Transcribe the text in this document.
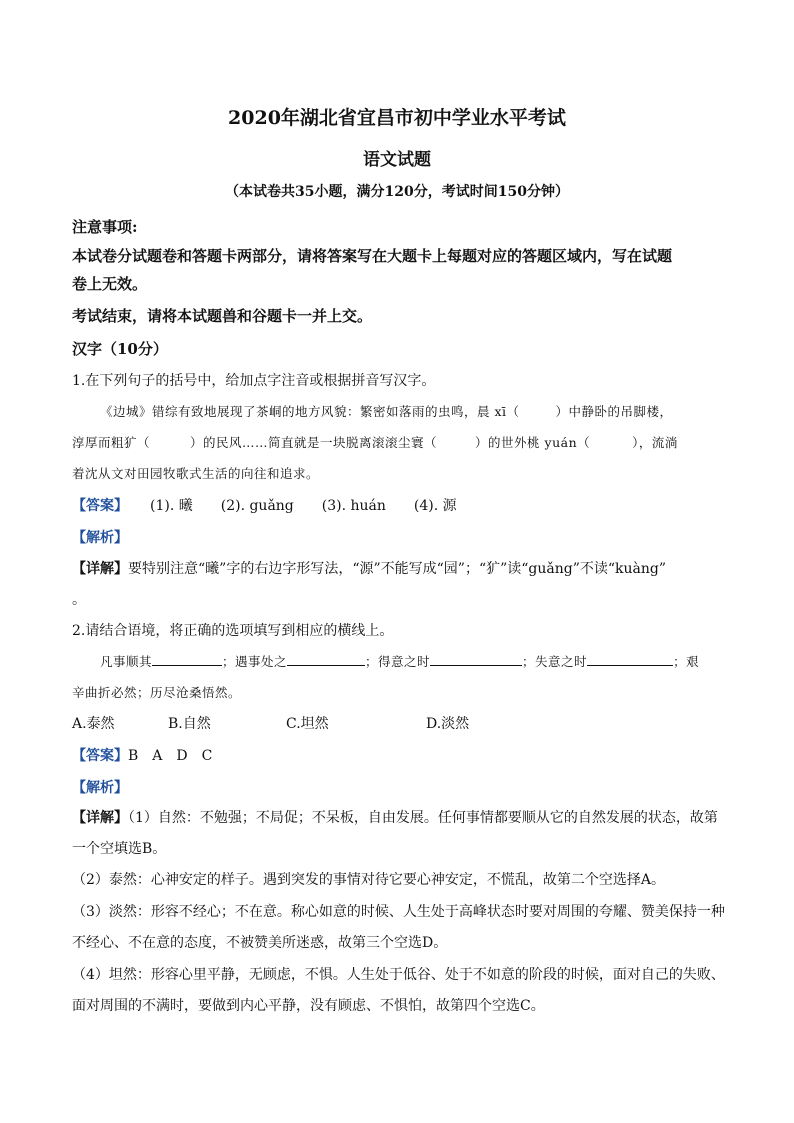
2020年湖北省宜昌市初中学业水平考试
语文试题
（本试卷共35小题，满分120分，考试时间150分钟）
注意事项:
本试卷分试题卷和答题卡两部分，请将答案写在大题卡上每题对应的答题区域内，写在试题
卷上无效。
考试结束，请将本试题兽和谷题卡一并上交。
汉字（10分）
1.在下列句子的括号中，给加点字注音或根据拼音写汉字。
《边城》错综有致地展现了茶峒的地方风貌：繁密如落雨的虫鸣，晨 xī（	）中静卧的吊脚楼，
淳厚而粗犷（	）的民风……简直就是一块脱离滚滚尘寰（	）的世外桃 yuán（	），流淌
着沈从文对田园牧歌式生活的向往和追求。
【答案】 (1). 曦 (2). guǎng (3). huán (4). 源
【解析】
【详解】要特别注意“曦”字的右边字形写法，“源”不能写成“园”；“犷”读“guǎng”不读“kuàng”
。
2.请结合语境，将正确的选项填写到相应的横线上。
凡事顺其	；遇事处之	；得意之时	；失意之时	；艰
辛曲折必然；历尽沧桑悟然。
A.泰然	B.自然	C.坦然	D.淡然
【答案】B　A　D　C
【解析】
【详解】（1）自然：不勉强；不局促；不呆板，自由发展。任何事情都要顺从它的自然发展的状态，故第
一个空填选B。
（2）泰然：心神安定的样子。遇到突发的事情对待它要心神安定，不慌乱，故第二个空选择A。
（3）淡然：形容不经心；不在意。称心如意的时候、人生处于高峰状态时要对周围的夸耀、赞美保持一种
不经心、不在意的态度，不被赞美所迷惑，故第三个空选D。
（4）坦然：形容心里平静，无顾虑，不惧。人生处于低谷、处于不如意的阶段的时候，面对自己的失败、
面对周围的不满时，要做到内心平静，没有顾虑、不惧怕，故第四个空选C。
